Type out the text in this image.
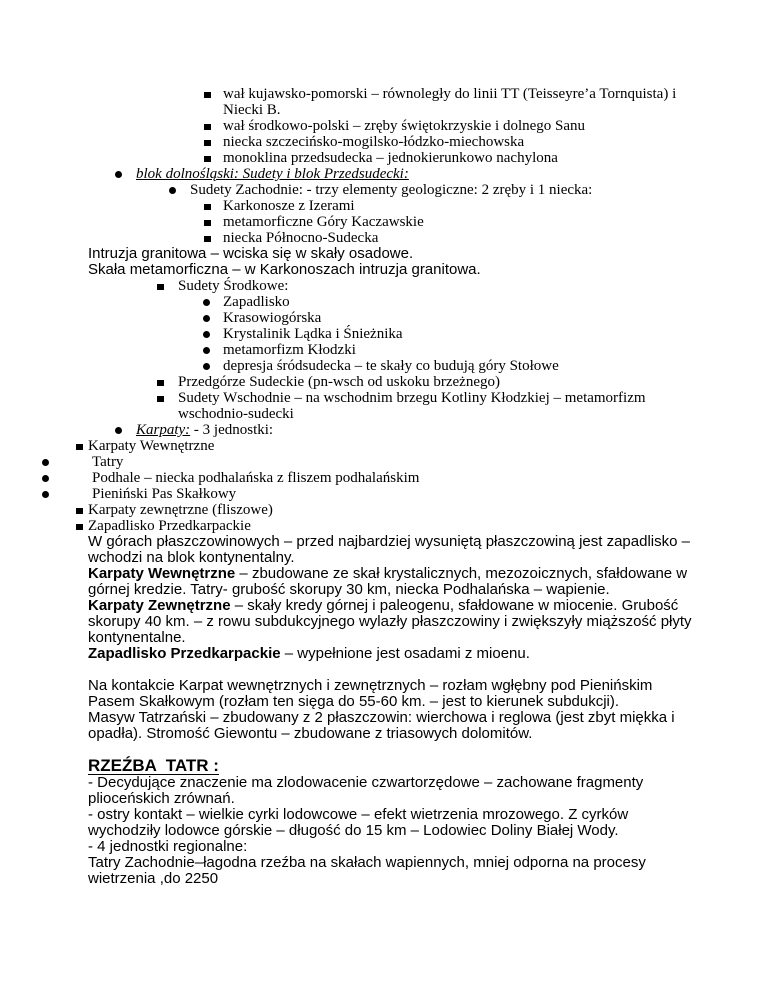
wał kujawsko-pomorski – równoległy do linii TT (Teisseyre’a Tornquista) i Niecki B.
wał środkowo-polski – zręby świętokrzyskie i dolnego Sanu
niecka szczecińsko-mogilsko-łódzko-miechowska
monoklina przedsudecka – jednokierunkowo nachylona
blok dolnośląski: Sudety i blok Przedsudecki:
Sudety Zachodnie: - trzy elementy geologiczne: 2 zręby i 1 niecka:
Karkonosze z Izerami
metamorficzne Góry Kaczawskie
niecka Północno-Sudecka
Intruzja granitowa – wciska się w skały osadowe.
Skała metamorficzna – w Karkonoszach intruzja granitowa.
Sudety Środkowe:
Zapadlisko
Krasowiogórska
Krystalinik Lądka i Śnieżnika
metamorfizm Kłodzki
depresja śródsudecka – te skały co budują góry Stołowe
Przedgórze Sudeckie (pn-wsch od uskoku brzeżnego)
Sudety Wschodnie – na wschodnim brzegu Kotliny Kłodzkiej – metamorfizm wschodnio-sudecki
Karpaty: - 3 jednostki:
Karpaty Wewnętrzne
Tatry
Podhale – niecka podhalańska z fliszem podhalańskim
Pieniński Pas Skałkowy
Karpaty zewnętrzne (fliszowe)
Zapadlisko Przedkarpackie
W górach płaszczowinowych – przed najbardziej wysuniętą płaszczowiną jest zapadlisko – wchodzi na blok kontynentalny.
Karpaty Wewnętrzne – zbudowane ze skał krystalicznych, mezozoicznych, sfałdowane w górnej kredzie. Tatry- grubość skorupy 30 km, niecka Podhalańska – wapienie.
Karpaty Zewnętrzne – skały kredy górnej i paleogenu, sfałdowane w miocenie. Grubość skorupy 40 km. – z rowu subdukcyjnego wylazły płaszczowiny i zwiększyły miąższość płyty kontynentalne.
Zapadlisko Przedkarpackie – wypełnione jest osadami z mioenu.
Na kontakcie Karpat wewnętrznych i zewnętrznych – rozłam wgłębny pod Pienińskim Pasem Skałkowym (rozłam ten sięga do 55-60 km. – jest to kierunek subdukcji).
Masyw Tatrzański – zbudowany z 2 płaszczowin: wierchowa i reglowa (jest zbyt miękka i opadła). Stromość Giewontu – zbudowane z triasowych dolomitów.
RZEŹBA  TATR :
- Decydujące znaczenie ma zlodowacenie czwartorzędowe – zachowane fragmenty plioceńskich zrównań.
- ostry kontakt – wielkie cyrki lodowcowe – efekt wietrzenia mrozowego. Z cyrków wychodziły lodowce górskie – długość do 15 km – Lodowiec Doliny Białej Wody.
- 4 jednostki regionalne:
Tatry Zachodnie–łagodna rzeźba na skałach wapiennych, mniej odporna na procesy wietrzenia ,do 2250
